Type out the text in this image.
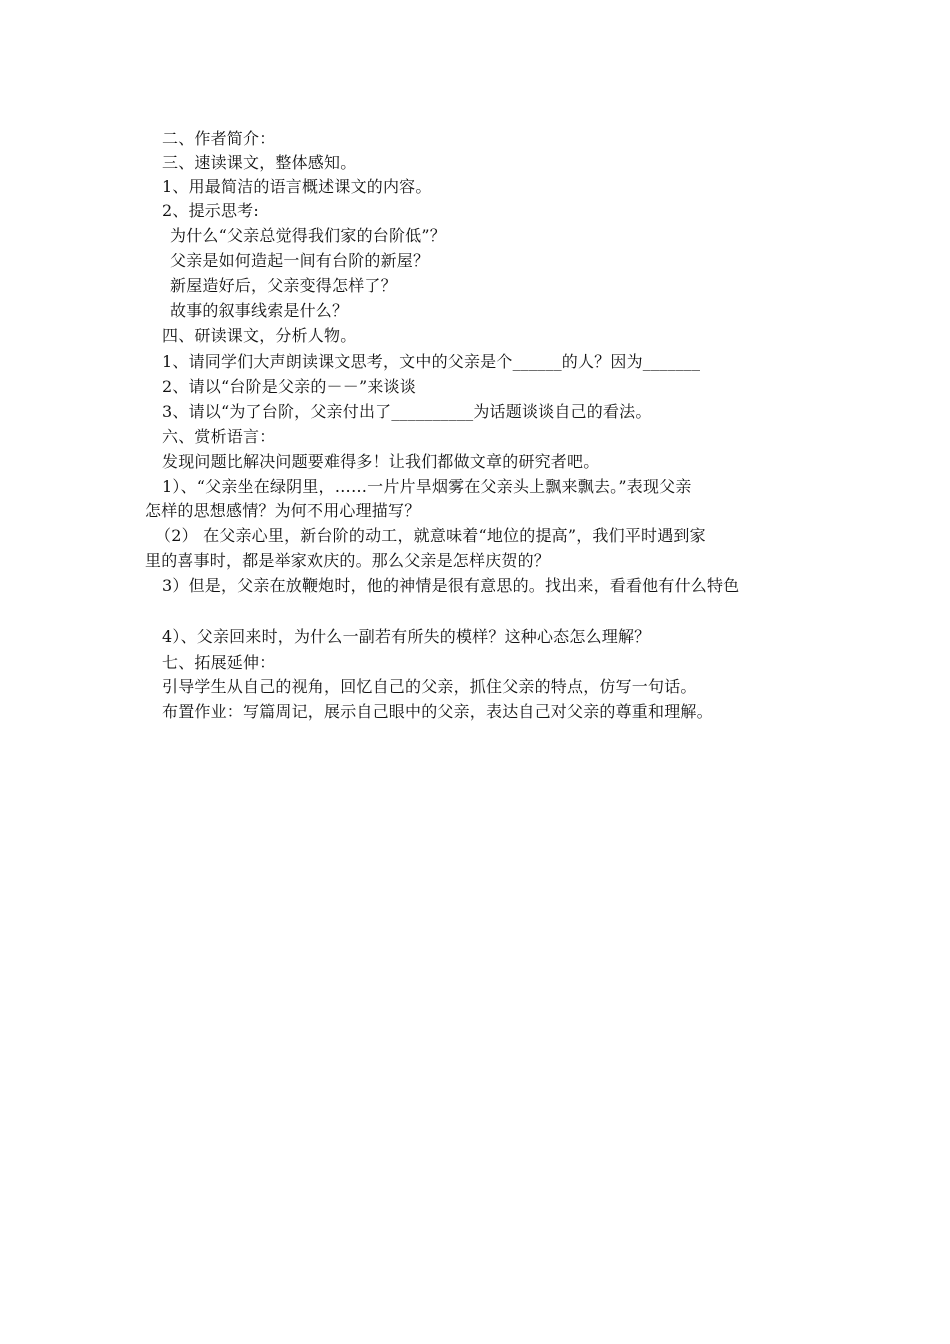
二、作者简介：
三、速读课文，整体感知。
1、用最简洁的语言概述课文的内容。
2、提示思考:
为什么“父亲总觉得我们家的台阶低”？
父亲是如何造起一间有台阶的新屋？
新屋造好后，父亲变得怎样了？
故事的叙事线索是什么？
四、研读课文，分析人物。
1、请同学们大声朗读课文思考，文中的父亲是个______的人？因为_______
2、请以“台阶是父亲的－－”来谈谈
3、请以“为了台阶，父亲付出了__________为话题谈谈自己的看法。
六、赏析语言：
发现问题比解决问题要难得多！让我们都做文章的研究者吧。
1）、“父亲坐在绿阴里，……一片片旱烟雾在父亲头上飘来飘去。”表现父亲
怎样的思想感情？为何不用心理描写？
（2） 在父亲心里，新台阶的动工，就意味着“地位的提高”，我们平时遇到家
里的喜事时，都是举家欢庆的。那么父亲是怎样庆贺的？
3）但是，父亲在放鞭炮时，他的神情是很有意思的。找出来，看看他有什么特色
4）、父亲回来时，为什么一副若有所失的模样？这种心态怎么理解？
七、拓展延伸：
引导学生从自己的视角，回忆自己的父亲，抓住父亲的特点，仿写一句话。
布置作业：写篇周记，展示自己眼中的父亲，表达自己对父亲的尊重和理解。
